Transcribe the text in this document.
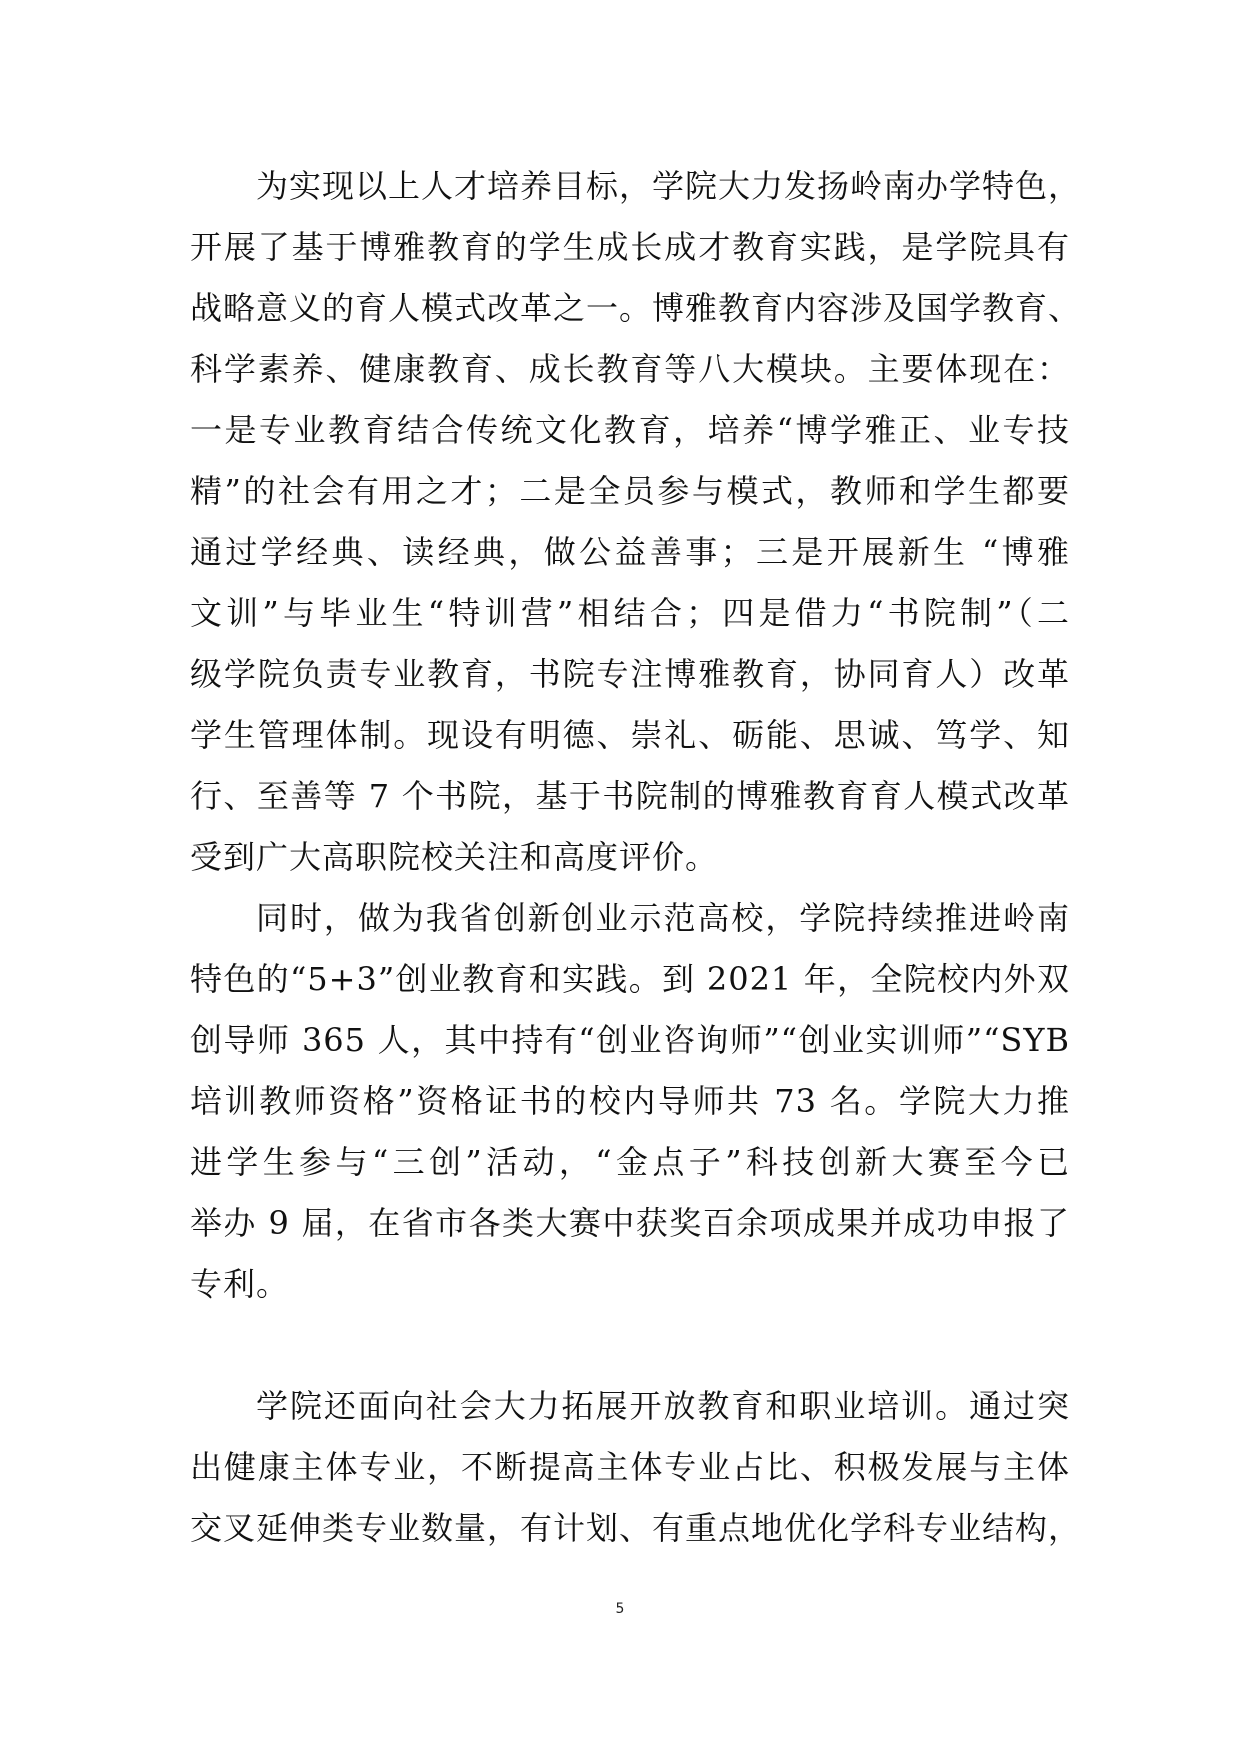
为实现以上人才培养目标，学院大力发扬岭南办学特色，
开展了基于博雅教育的学生成长成才教育实践，是学院具有
战略意义的育人模式改革之一。博雅教育内容涉及国学教育、
科学素养、健康教育、成长教育等八大模块。主要体现在：
一是专业教育结合传统文化教育，培养“博学雅正、业专技
精”的社会有用之才；二是全员参与模式，教师和学生都要
通过学经典、读经典，做公益善事；三是开展新生 “博雅
文训”与毕业生“特训营”相结合；四是借力“书院制”（二
级学院负责专业教育，书院专注博雅教育，协同育人）改革
学生管理体制。现设有明德、崇礼、砺能、思诚、笃学、知
行、至善等 7 个书院，基于书院制的博雅教育育人模式改革
受到广大高职院校关注和高度评价。
同时，做为我省创新创业示范高校，学院持续推进岭南
特色的“5+3”创业教育和实践。到 2021 年，全院校内外双
创导师 365 人，其中持有“创业咨询师”“创业实训师”“SYB
培训教师资格”资格证书的校内导师共 73 名。学院大力推
进学生参与“三创”活动，“金点子”科技创新大赛至今已
举办 9 届，在省市各类大赛中获奖百余项成果并成功申报了
专利。
学院还面向社会大力拓展开放教育和职业培训。通过突
出健康主体专业，不断提高主体专业占比、积极发展与主体
交叉延伸类专业数量，有计划、有重点地优化学科专业结构，
5
